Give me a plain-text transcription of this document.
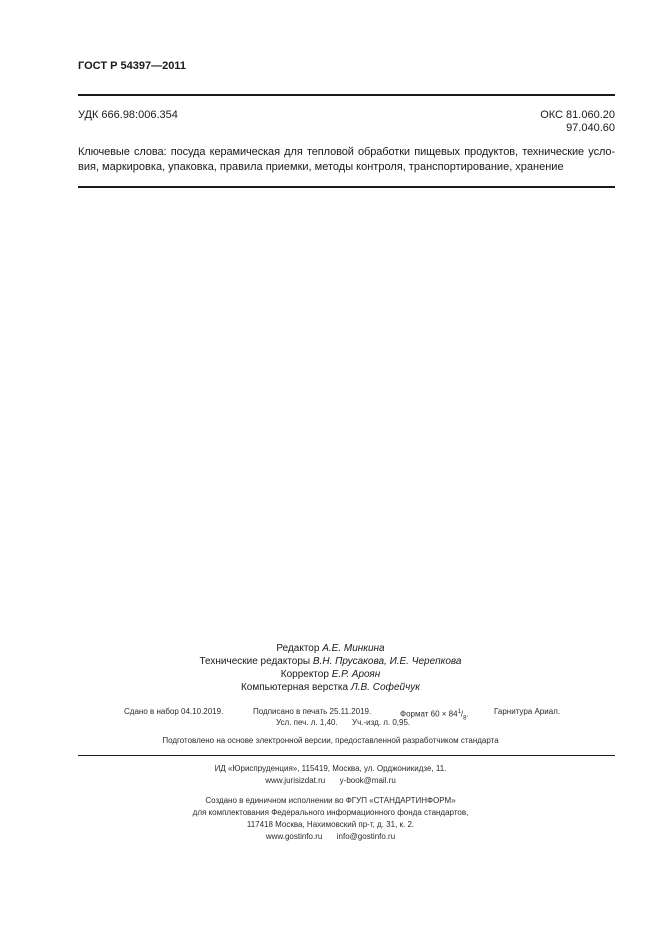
ГОСТ Р 54397—2011
УДК 666.98:006.354	ОКС 81.060.20
97.040.60
Ключевые слова: посуда керамическая для тепловой обработки пищевых продуктов, технические усло-
вия, маркировка, упаковка, правила приемки, методы контроля, транспортирование, хранение
Редактор А.Е. Минкина
Технические редакторы В.Н. Прусакова, И.Е. Черепкова
Корректор Е.Р. Ароян
Компьютерная верстка Л.В. Софейчук
Сдано в набор 04.10.2019.	Подписано в печать 25.11.2019.	Формат $60 \times 84^1/_8$.	Гарнитура Ариал.
Усл. печ. л. 1,40. Уч.-изд. л. 0,95.
Подготовлено на основе электронной версии, предоставленной разработчиком стандарта
ИД «Юриспруденция», 115419, Москва, ул. Орджоникидзе, 11.
www.jurisizdat.ru y-book@mail.ru
Создано в единичном исполнении во ФГУП «СТАНДАРТИНФОРМ»
для комплектования Федерального информационного фонда стандартов,
117418 Москва, Нахимовский пр-т, д. 31, к. 2.
www.gostinfo.ru info@gostinfo.ru
